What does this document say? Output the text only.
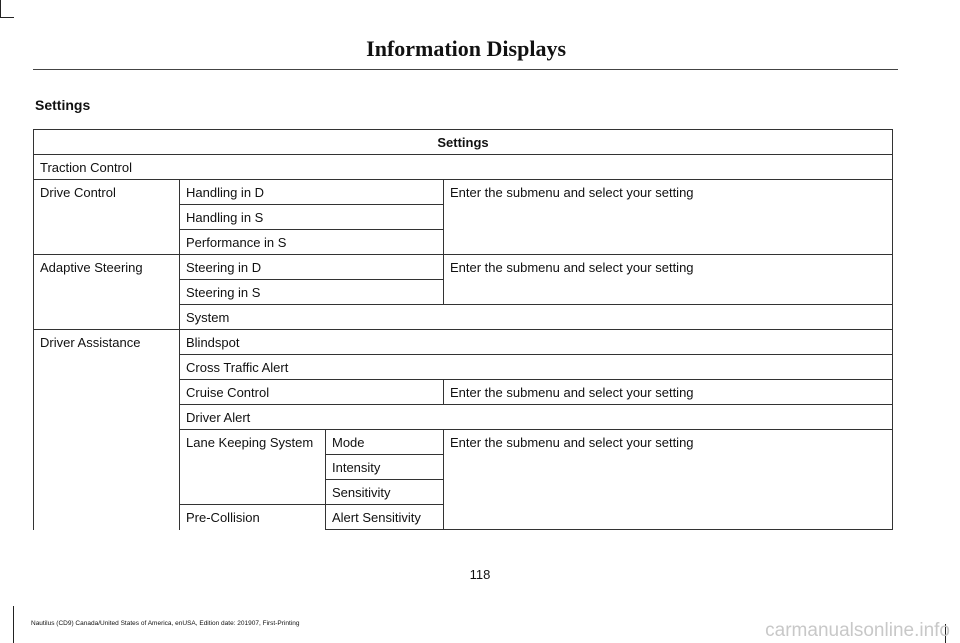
Information Displays
Settings
Settings			
Traction Control			
Drive Control	Handling in D		Enter the submenu and select your setting
	Handling in S		
	Performance in S		
Adaptive Steering	Steering in D		Enter the submenu and select your setting
	Steering in S		
	System		
Driver Assistance	Blindspot		
	Cross Traffic Alert		
	Cruise Control		Enter the submenu and select your setting
	Driver Alert		
	Lane Keeping System	Mode	Enter the submenu and select your setting
		Intensity	
		Sensitivity	
	Pre-Collision	Alert Sensitivity	
118
Nautilus (CD9) Canada/United States of America, enUSA, Edition date: 201907, First-Printing	carmanualsonline.info
